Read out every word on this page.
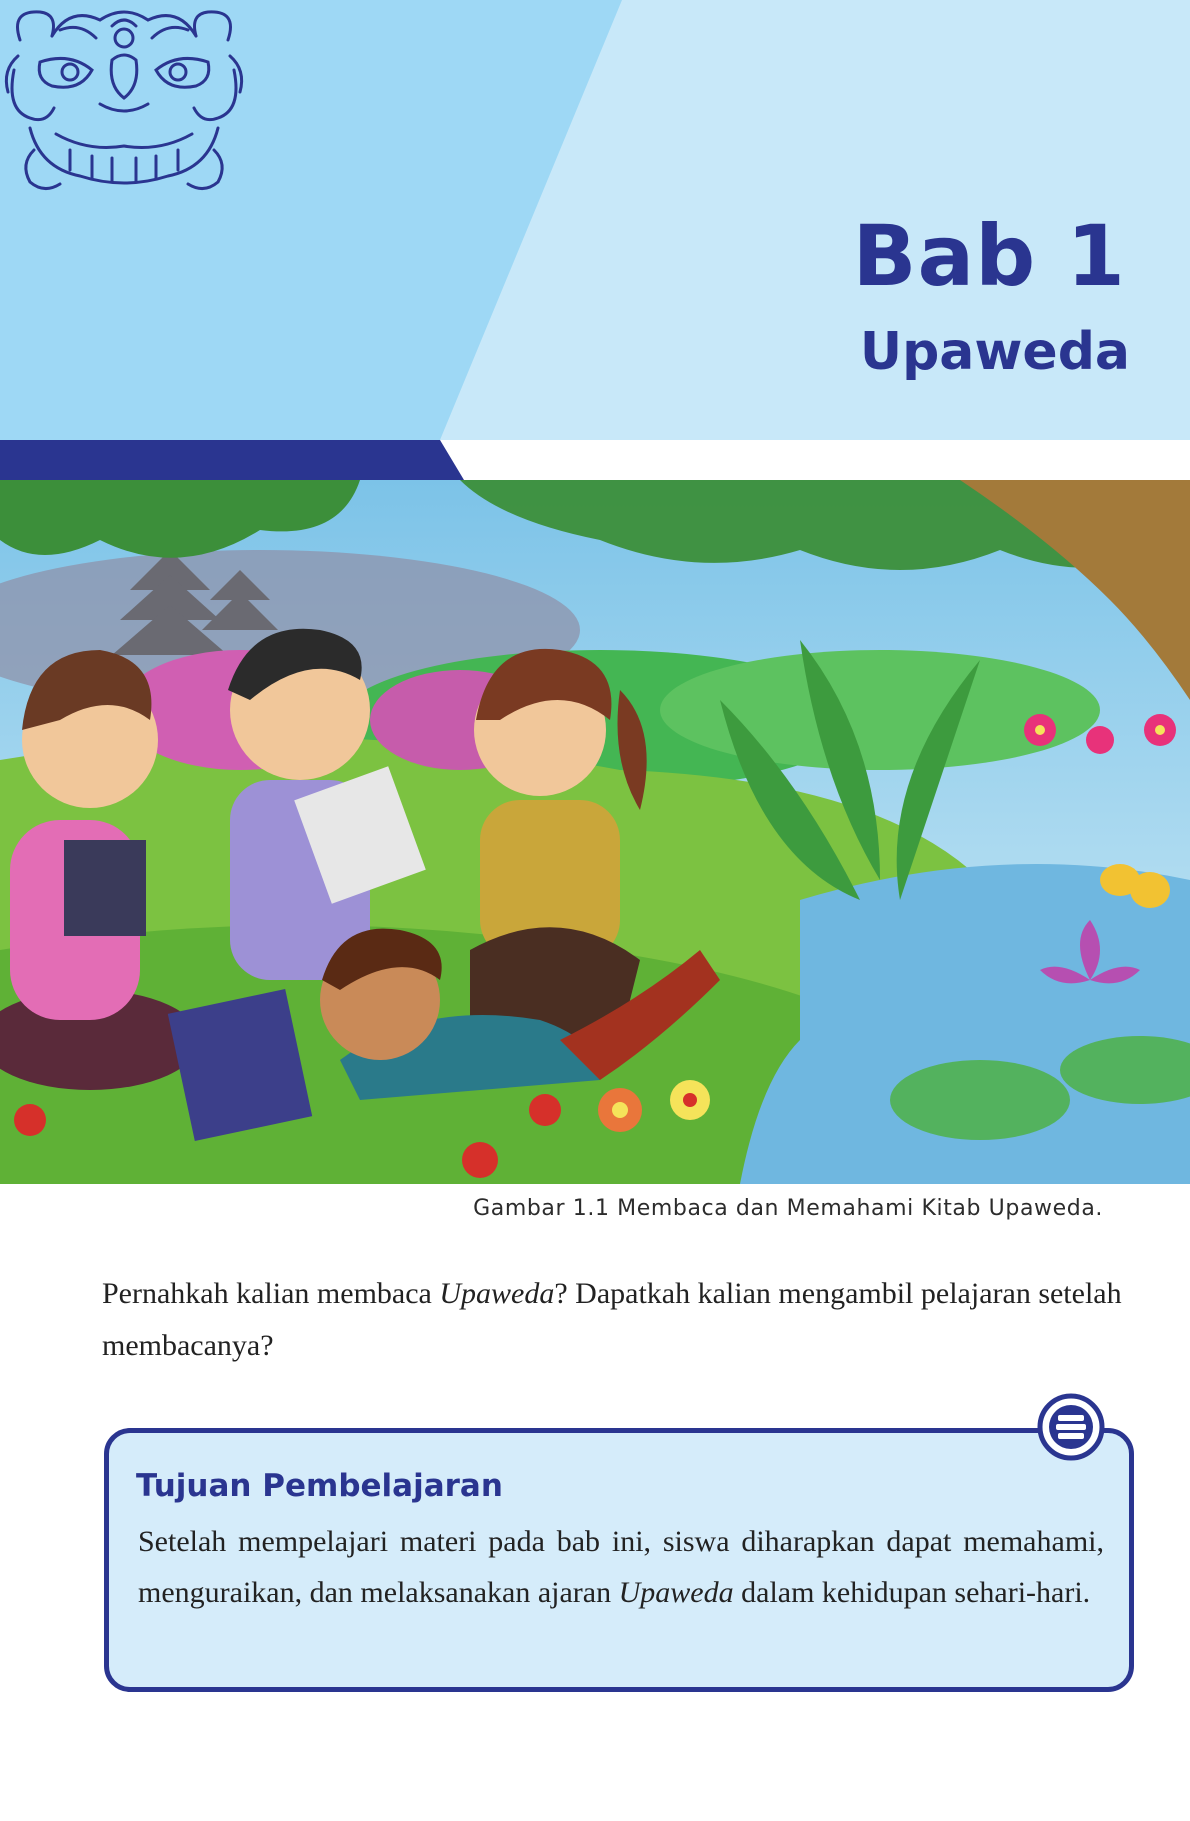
Bab 1
Upaweda
Gambar 1.1 Membaca dan Memahami Kitab Upaweda.

Pernahkah kalian membaca Upaweda? Dapatkah kalian mengambil pelajaran setelah membacanya?

Tujuan Pembelajaran

Setelah mempelajari materi pada bab ini, siswa diharapkan dapat memahami, menguraikan, dan melaksanakan ajaran Upaweda dalam kehidupan sehari-hari.
